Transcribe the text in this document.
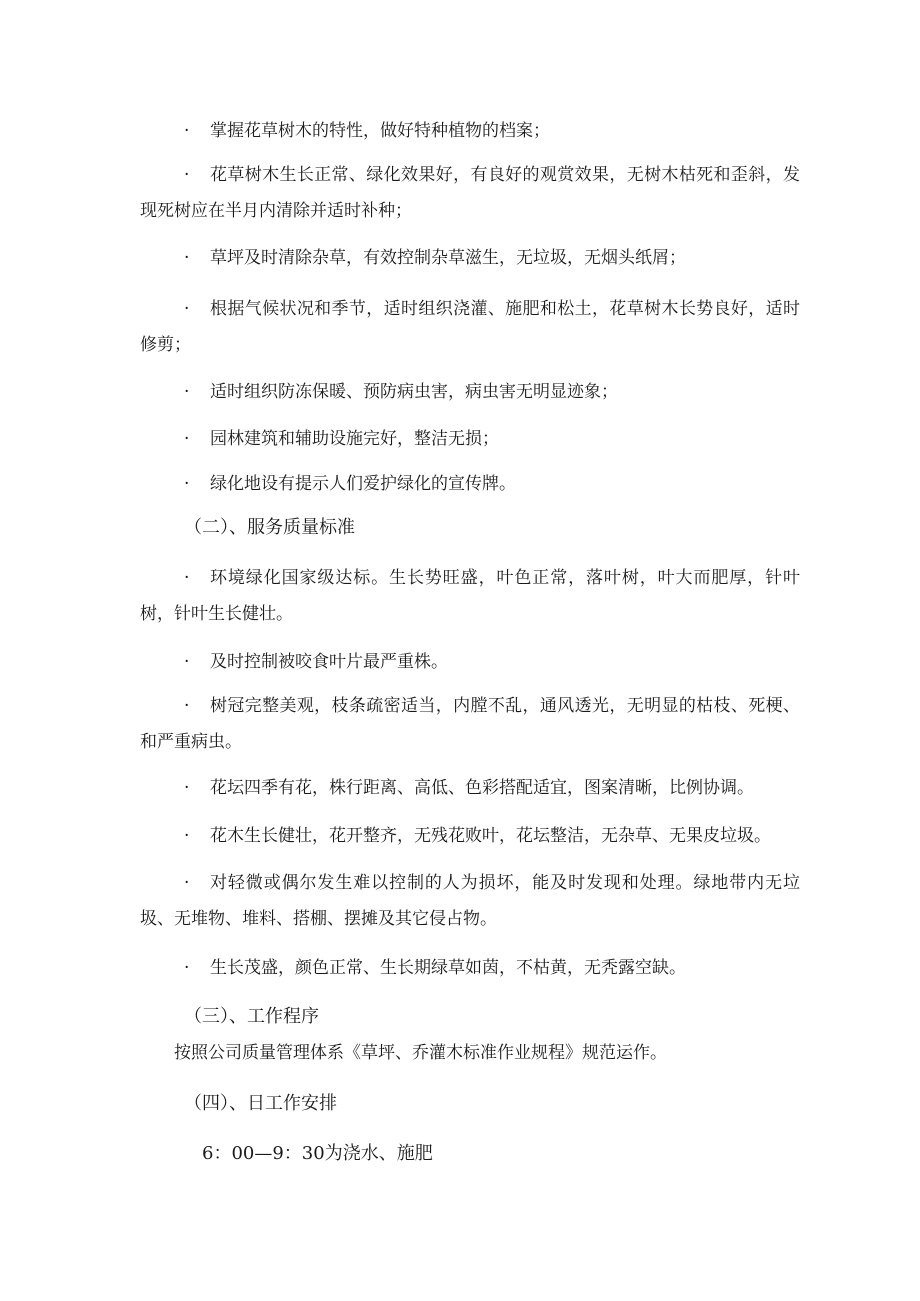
·	掌握花草树木的特性，做好特种植物的档案；
·	花草树木生长正常、绿化效果好，有良好的观赏效果，无树木枯死和歪斜，发现死树应在半月内清除并适时补种；
·	草坪及时清除杂草，有效控制杂草滋生，无垃圾，无烟头纸屑；
·	根据气候状况和季节，适时组织浇灌、施肥和松土，花草树木长势良好，适时修剪；
·	适时组织防冻保暖、预防病虫害，病虫害无明显迹象；
·	园林建筑和辅助设施完好，整洁无损；
·	绿化地设有提示人们爱护绿化的宣传牌。
（二）、服务质量标准
·	环境绿化国家级达标。生长势旺盛，叶色正常，落叶树，叶大而肥厚，针叶树，针叶生长健壮。
·	及时控制被咬食叶片最严重株。
·	树冠完整美观，枝条疏密适当，内膛不乱，通风透光，无明显的枯枝、死梗、和严重病虫。
·	花坛四季有花，株行距离、高低、色彩搭配适宜，图案清晰，比例协调。
·	花木生长健壮，花开整齐，无残花败叶，花坛整洁，无杂草、无果皮垃圾。
·	对轻微或偶尔发生难以控制的人为损坏，能及时发现和处理。绿地带内无垃圾、无堆物、堆料、搭棚、摆摊及其它侵占物。
·	生长茂盛，颜色正常、生长期绿草如茵，不枯黄，无秃露空缺。
（三）、工作程序
按照公司质量管理体系《草坪、乔灌木标准作业规程》规范运作。
（四）、日工作安排
6：00—9：30为浇水、施肥
